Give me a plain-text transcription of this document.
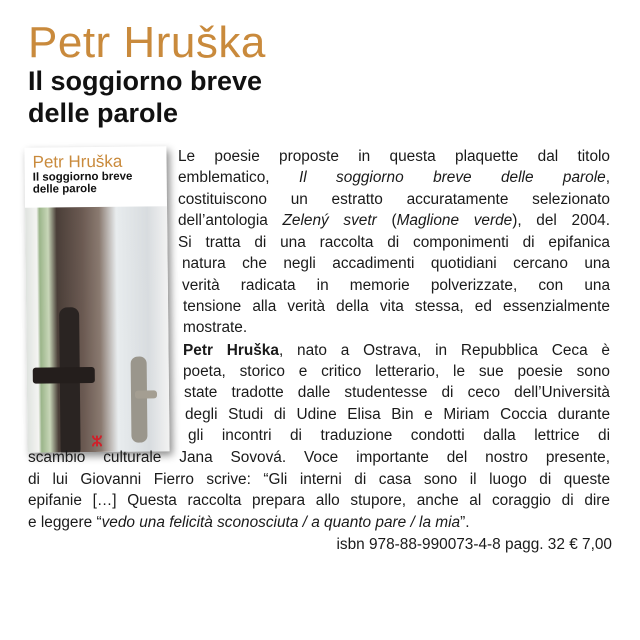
Petr Hruška
Il soggiorno breve
delle parole
Petr Hruška
Il soggiorno breve
delle parole
ⵣ
Le poesie proposte in questa plaquette dal titolo
emblematico, Il soggiorno breve delle parole,
costituiscono un estratto accuratamente selezionato
dell’antologia Zelený svetr (Maglione verde), del 2004.
Si tratta di una raccolta di componimenti di epifanica
natura che negli accadimenti quotidiani cercano una
verità radicata in memorie polverizzate, con una
tensione alla verità della vita stessa, ed essenzialmente
mostrate.
Petr Hruška, nato a Ostrava, in Repubblica Ceca è
poeta, storico e critico letterario, le sue poesie sono
state tradotte dalle studentesse di ceco dell’Università
degli Studi di Udine Elisa Bin e Miriam Coccia durante
gli incontri di traduzione condotti dalla lettrice di
scambio culturale Jana Sovová. Voce importante del nostro presente,
di lui Giovanni Fierro scrive: “Gli interni di casa sono il luogo di queste
epifanie […] Questa raccolta prepara allo stupore, anche al coraggio di dire
e leggere “vedo una felicità sconosciuta / a quanto pare / la mia”.
isbn 978-88-990073-4-8 pagg. 32 € 7,00
